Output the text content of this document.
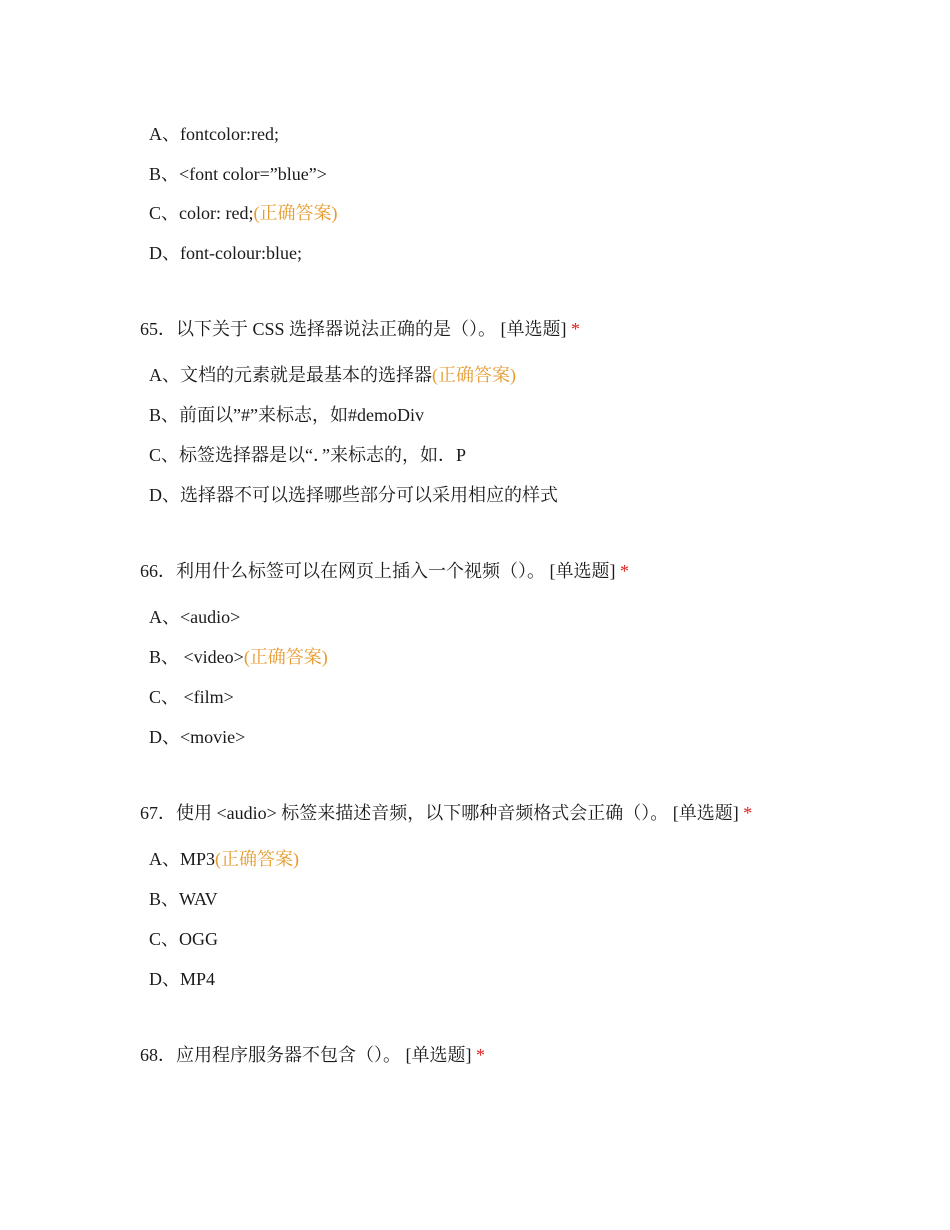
A、fontcolor:red;
B、<font color=”blue”>
C、color: red;(正确答案)
D、font-colour:blue;
65．以下关于 CSS 选择器说法正确的是（）。 [单选题] *
A、文档的元素就是最基本的选择器(正确答案)
B、前面以”#”来标志，如#demoDiv
C、标签选择器是以“．”来标志的，如．P
D、选择器不可以选择哪些部分可以采用相应的样式
66．利用什么标签可以在网页上插入一个视频（）。 [单选题] *
A、<audio>
B、 <video>(正确答案)
C、 <film>
D、<movie>
67．使用 <audio> 标签来描述音频，以下哪种音频格式会正确（）。 [单选题] *
A、MP3(正确答案)
B、WAV
C、OGG
D、MP4
68．应用程序服务器不包含（）。 [单选题] *
